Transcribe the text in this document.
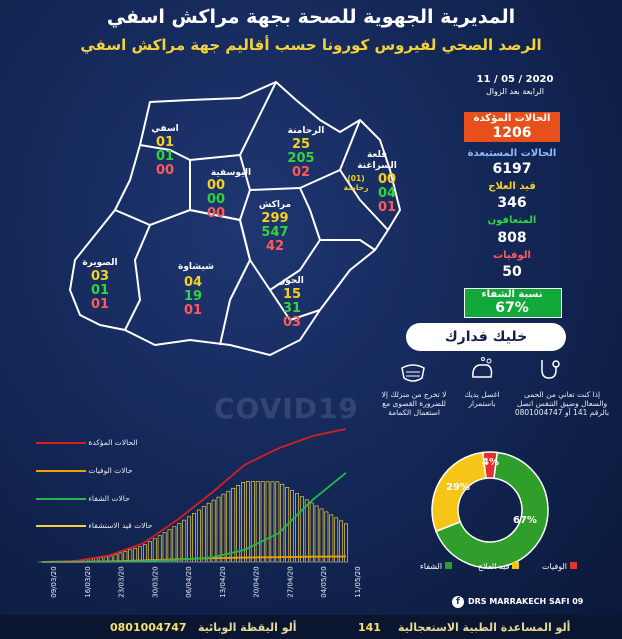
المديرية الجهوية للصحة بجهة مراكش اسفي
الرصد الصحي لفيروس كورونا حسب أقاليم جهة مراكش اسفي
اسفي
01
01
00	اليوسفية
00
00
00
الرحامنة
25
205
02
قلعة السراغنة
(01) رحامنة
00
04
01
مراكش
299
547
42
الصويرة
03
01
01
شيشاوة
04
19
01
الحوز
15
31
03
11 / 05 / 2020
الرابعة بعد الزوال
الحالات المؤكدة
1206
الحالات المستبعدة
6197
قيد العلاج
346
المتعافون
808
الوفيات
50
نسبة الشفاء
67%
خليك فدارك
لا تخرج من منزلك إلا للضرورة القصوى مع استعمال الكمامة
اغسل يديك باستمرار
إذا كنت تعاني من الحمى والسعال وضيق التنفس اتصل بالرقم 141 أو 0801004747
COVID19
09/03/20	16/03/20	23/03/20	30/03/20	06/04/20	13/04/20	20/04/20	27/04/20	04/05/20	11/05/20
الحالات المؤكدة
حالات الوفيات
حالات الشفاء
حالات قيد الاستشفاء	67%
29%
4%
الوفيات
قيد العلاج
الشفاء
f	DRS MARRAKECH SAFI 09
ألو المساعدة الطبية الاستعجالية
141
ألو اليقظة الوبائية
0801004747
